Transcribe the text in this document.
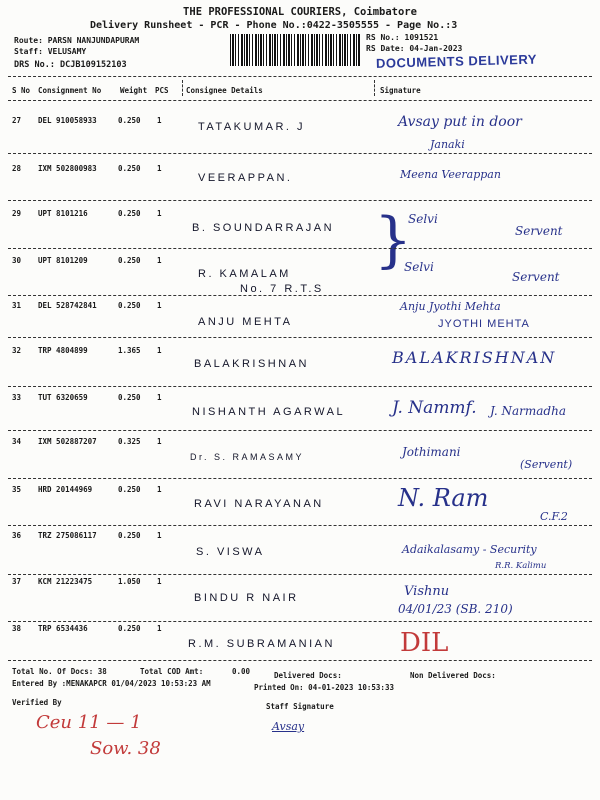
THE PROFESSIONAL COURIERS, Coimbatore
Delivery Runsheet - PCR - Phone No.:0422-3505555 - Page No.:3
Route: PARSN NANJUNDAPURAM
Staff: VELUSAMY
DRS No.: DCJB109152103
RS No.: 1091521
RS Date: 04-Jan-2023
DOCUMENTS DELIVERY
S No Consignment No	Weight PCS Consignee Details	Signature
27 DEL 910058933	0.250 1
TATAKUMAR. J	Avsay put in door
Janaki
28 IXM 502800983	0.250 1
VEERAPPAN.	Meena Veerappan
29 UPT 8101216	0.250 1
B. SOUNDARRAJAN
Selvi
Servent
}
30 UPT 8101209	0.250 1
R. KAMALAM
No. 7 R.T.S
Selvi
Servent
31 DEL 528742841	0.250 1
ANJU MEHTA
Anju Jyothi Mehta
JYOTHI MEHTA
32 TRP 4804899	1.365 1
BALAKRISHNAN	BALAKRISHNAN
33 TUT 6320659	0.250 1
NISHANTH AGARWAL	J. Nammf. J. Narmadha
34 IXM 502887207	0.325 1
Dr. S. RAMASAMY	Jothimani
(Servent)
35 HRD 20144969	0.250 1
RAVI NARAYANAN	N. Ram
C.F.2
36 TRZ 275086117	0.250 1
S. VISWA	Adaikalasamy - Security
R.R. Kalimu
37 KCM 21223475	1.050 1
BINDU R NAIR	Vishnu
04/01/23 (SB. 210)
38 TRP 6534436	0.250 1
R.M. SUBRAMANIAN	DIL
Total No. Of Docs: 38	Total COD Amt:	0.00	Delivered Docs:	Non Delivered Docs:
Entered By :MENAKAPCR 01/04/2023 10:53:23 AM	Printed On: 04-01-2023 10:53:33
Verified By	Staff Signature
Avsay
Ceu 11 — 1
Sow. 38
